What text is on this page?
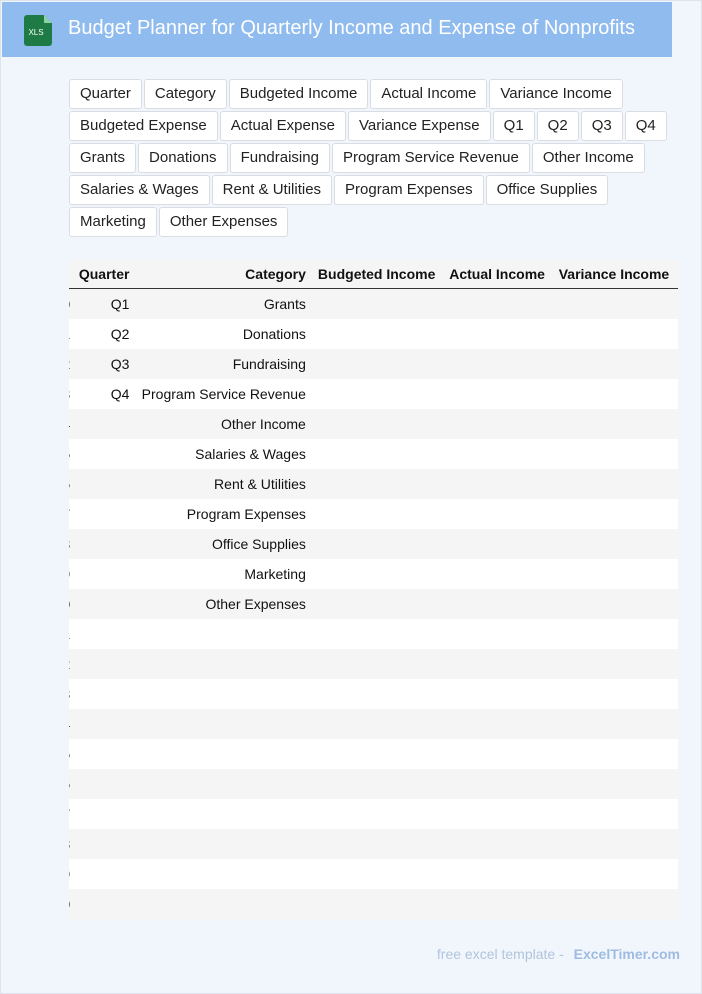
XLS Budget Planner for Quarterly Income and Expense of Nonprofits
Quarter	Category	Budgeted Income	Actual Income	Variance Income
Budgeted Expense	Actual Expense	Variance Expense	Q1	Q2	Q3	Q4
Grants	Donations	Fundraising	Program Service Revenue	Other Income
Salaries & Wages	Rent & Utilities	Program Expenses	Office Supplies
Marketing	Other Expenses
	Quarter	Category	Budgeted Income	Actual Income	Variance Income
	Q1	Grants			
	Q2	Donations			
	Q3	Fundraising			
	Q4	Program Service Revenue			
		Other Income			
		Salaries & Wages			
		Rent & Utilities			
		Program Expenses			
		Office Supplies			
		Marketing			
		Other Expenses			

free excel template - ExcelTimer.com
